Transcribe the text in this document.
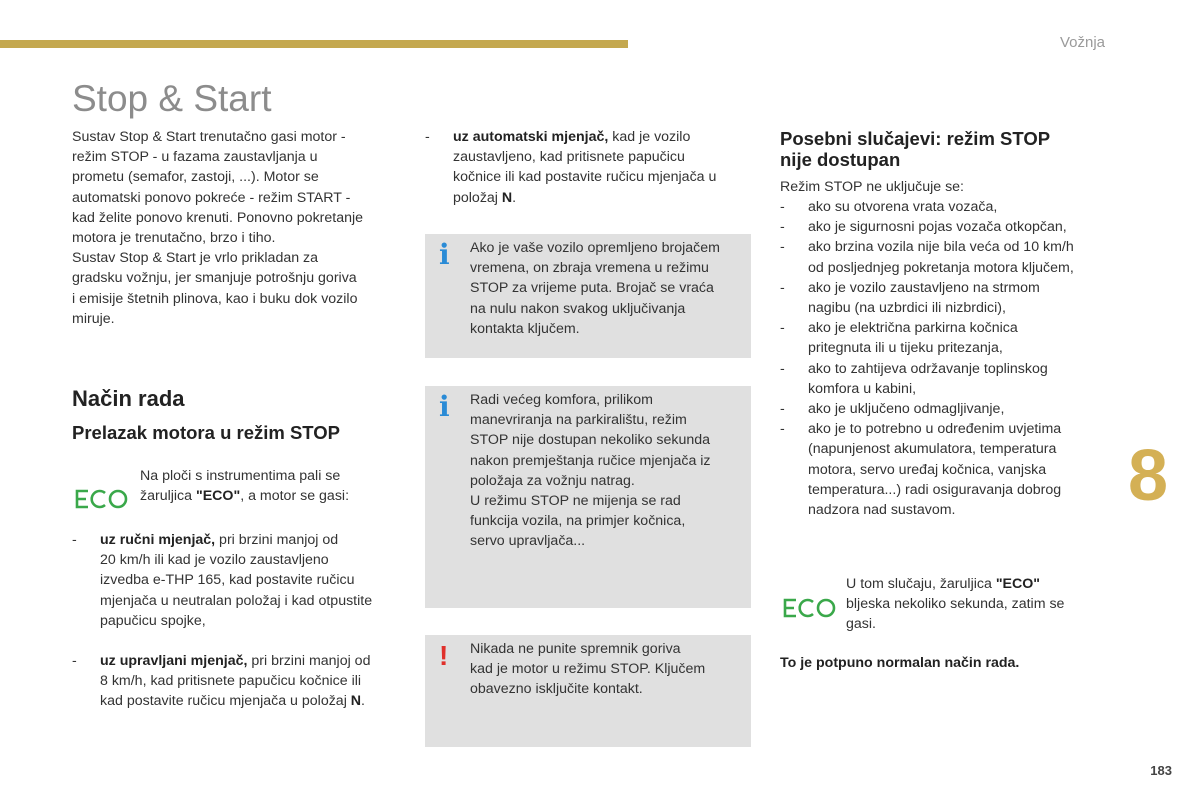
Vožnja
Stop & Start
8
183
Sustav Stop & Start trenutačno gasi motor -
režim STOP - u fazama zaustavljanja u
prometu (semafor, zastoji, ...). Motor se
automatski ponovo pokreće - režim START -
kad želite ponovo krenuti. Ponovno pokretanje
motora je trenutačno, brzo i tiho.
Sustav Stop & Start je vrlo prikladan za
gradsku vožnju, jer smanjuje potrošnju goriva
i emisije štetnih plinova, kao i buku dok vozilo
miruje.
Način rada
Prelazak motora u režim STOP
Na ploči s instrumentima pali se
žaruljica "ECO", a motor se gasi:
- uz ručni mjenjač, pri brzini manjoj od
20 km/h ili kad je vozilo zaustavljeno
izvedba e-THP 165, kad postavite ručicu
mjenjača u neutralan položaj i kad otpustite
papučicu spojke,
- uz upravljani mjenjač, pri brzini manjoj od
8 km/h, kad pritisnete papučicu kočnice ili
kad postavite ručicu mjenjača u položaj N.
- uz automatski mjenjač, kad je vozilo
zaustavljeno, kad pritisnete papučicu
kočnice ili kad postavite ručicu mjenjača u
položaj N.
i Ako je vaše vozilo opremljeno brojačem
vremena, on zbraja vremena u režimu
STOP za vrijeme puta. Brojač se vraća
na nulu nakon svakog uključivanja
kontakta ključem.
i Radi većeg komfora, prilikom
manevriranja na parkiralištu, režim
STOP nije dostupan nekoliko sekunda
nakon premještanja ručice mjenjača iz
položaja za vožnju natrag.
U režimu STOP ne mijenja se rad
funkcija vozila, na primjer kočnica,
servo upravljača...
! Nikada ne punite spremnik goriva
kad je motor u režimu STOP. Ključem
obavezno isključite kontakt.
Posebni slučajevi: režim STOP
nije dostupan
Režim STOP ne uključuje se:
- ako su otvorena vrata vozača,
- ako je sigurnosni pojas vozača otkopčan,
- ako brzina vozila nije bila veća od 10 km/h
od posljednjeg pokretanja motora ključem,
- ako je vozilo zaustavljeno na strmom
nagibu (na uzbrdici ili nizbrdici),
- ako je električna parkirna kočnica
pritegnuta ili u tijeku pritezanja,
- ako to zahtijeva održavanje toplinskog
komfora u kabini,
- ako je uključeno odmagljivanje,
- ako je to potrebno u određenim uvjetima
(napunjenost akumulatora, temperatura
motora, servo uređaj kočnica, vanjska
temperatura...) radi osiguravanja dobrog
nadzora nad sustavom.
U tom slučaju, žaruljica "ECO"
bljeska nekoliko sekunda, zatim se
gasi.
To je potpuno normalan način rada.
